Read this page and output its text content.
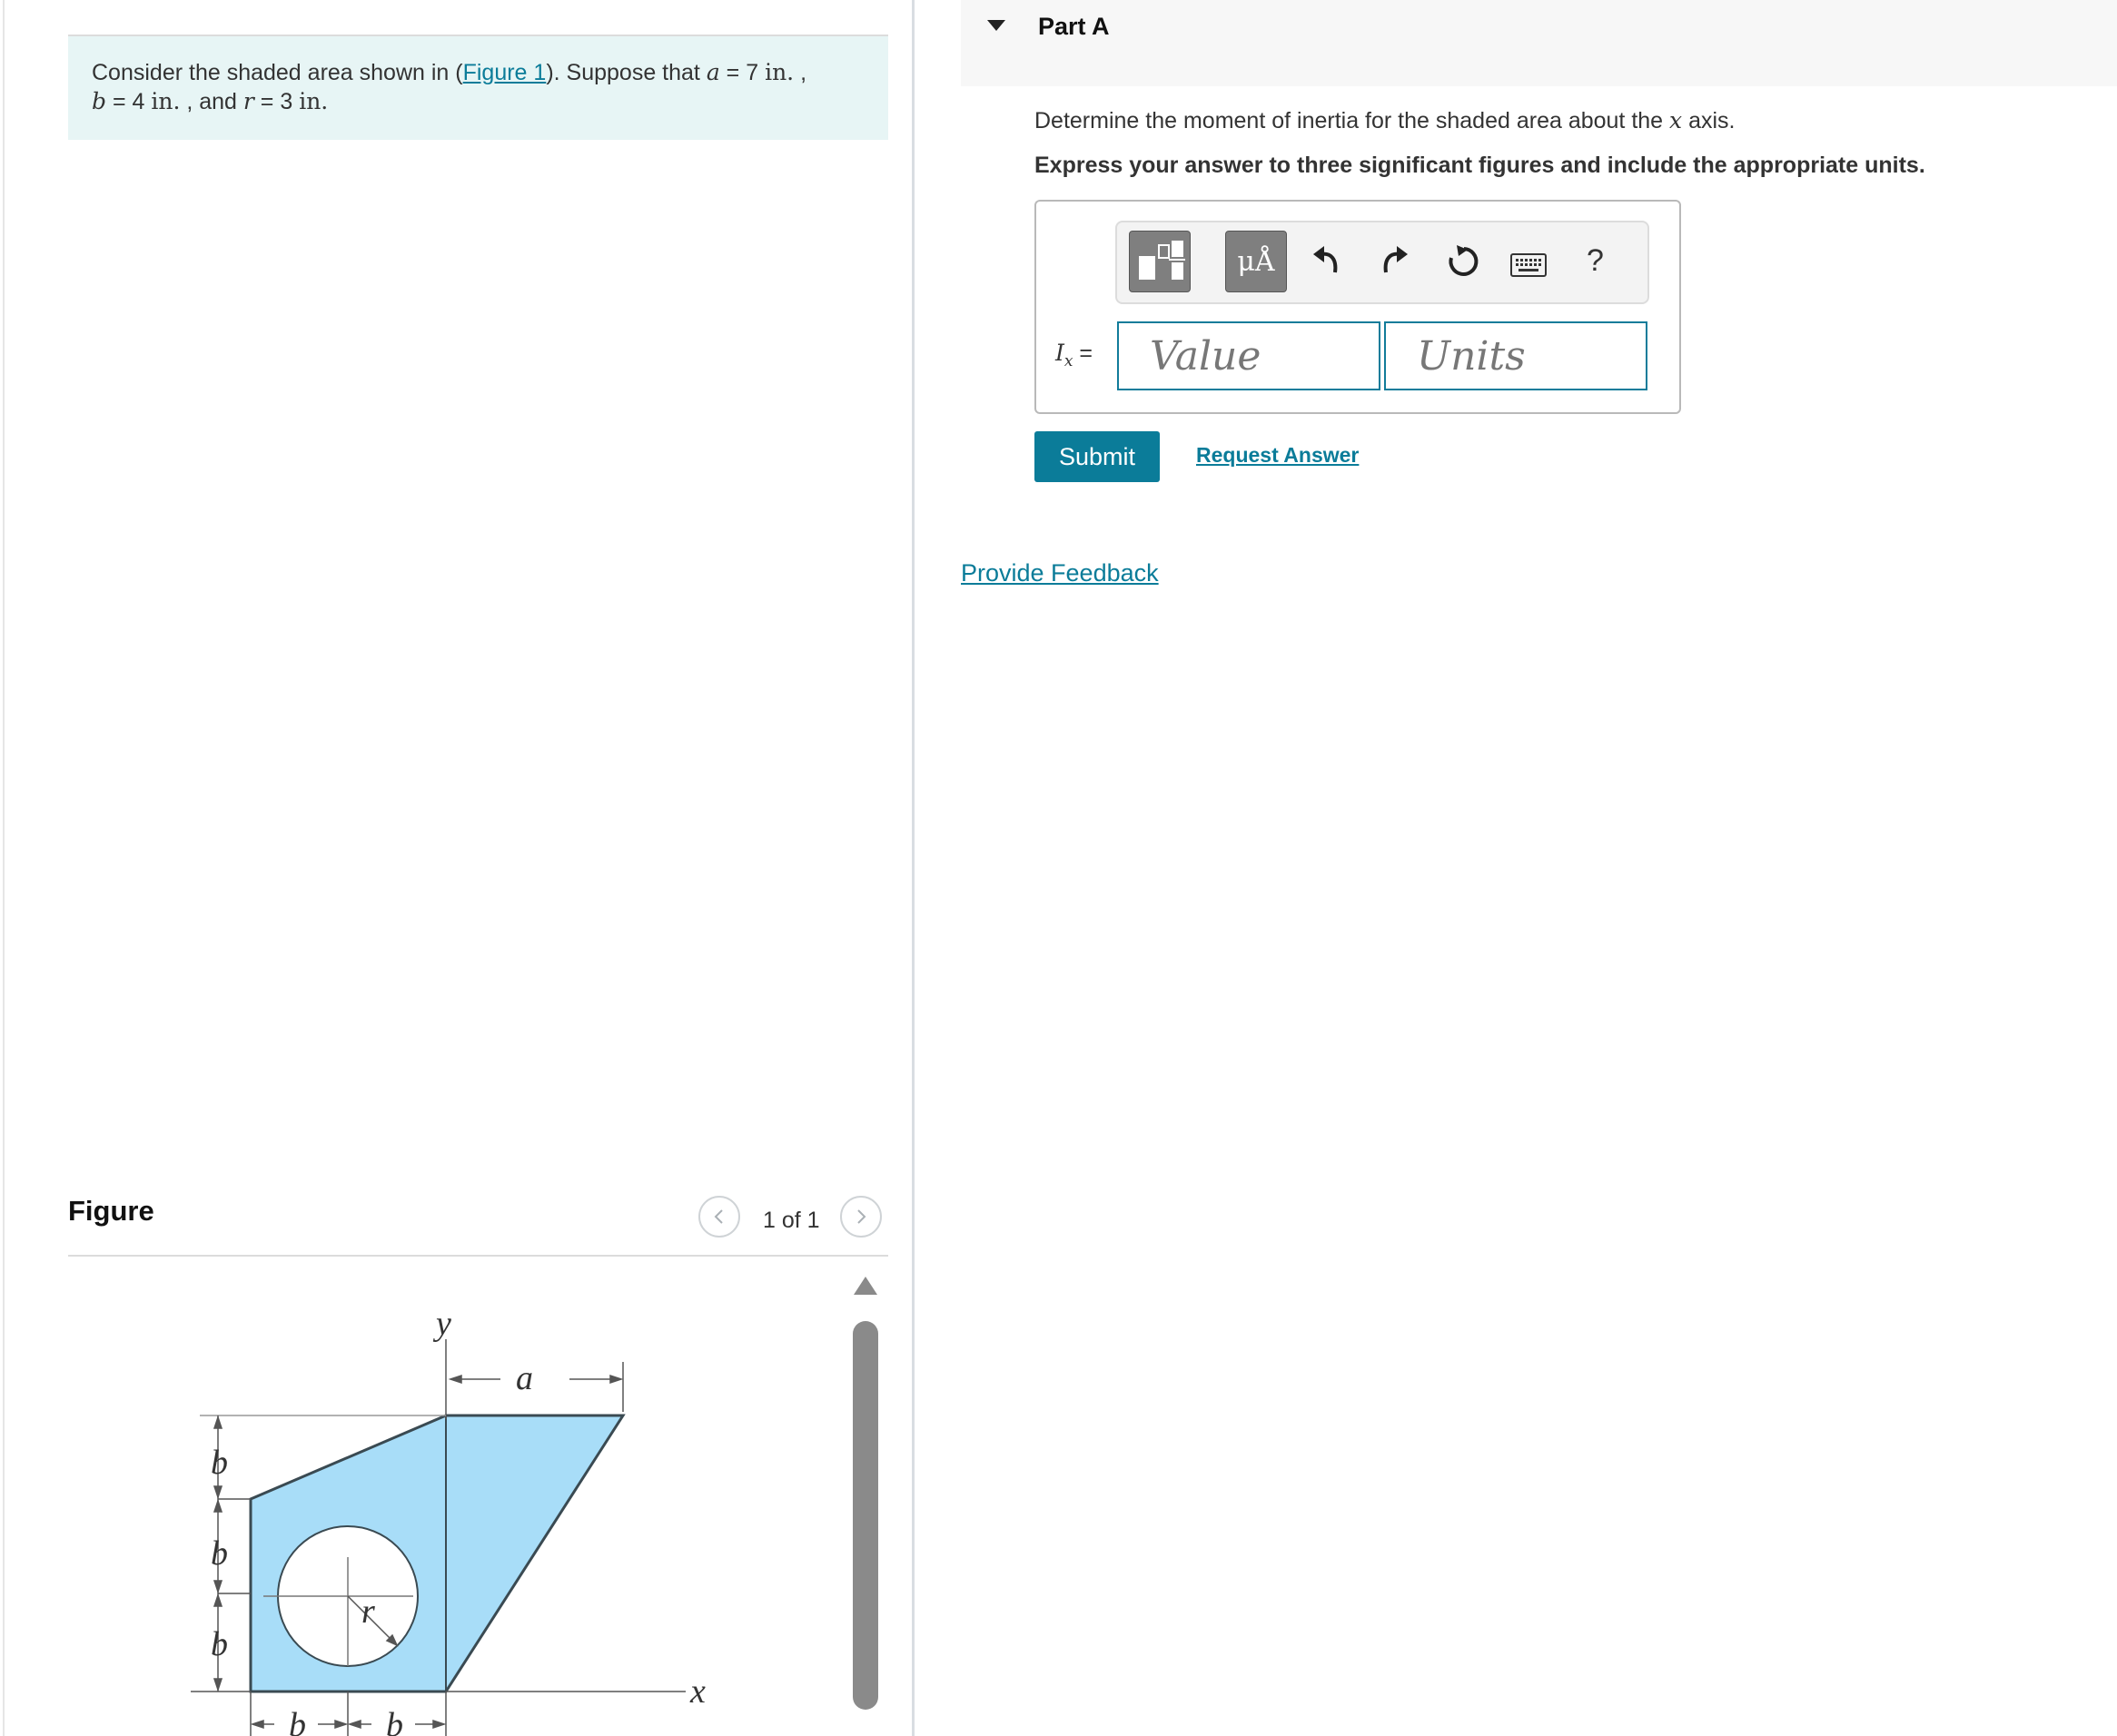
Consider the shaded area shown in (Figure 1). Suppose that a = 7 in. ,
b = 4 in. , and r = 3 in.
Figure	1 of 1
y
x
a
b
b
b
b b
r
Part A
Determine the moment of inertia for the shaded area about the x axis.
Express your answer to three significant figures and include the appropriate units.
μÅ	?
$I_x$ =
Value
Units
Submit	Request Answer
Provide Feedback
